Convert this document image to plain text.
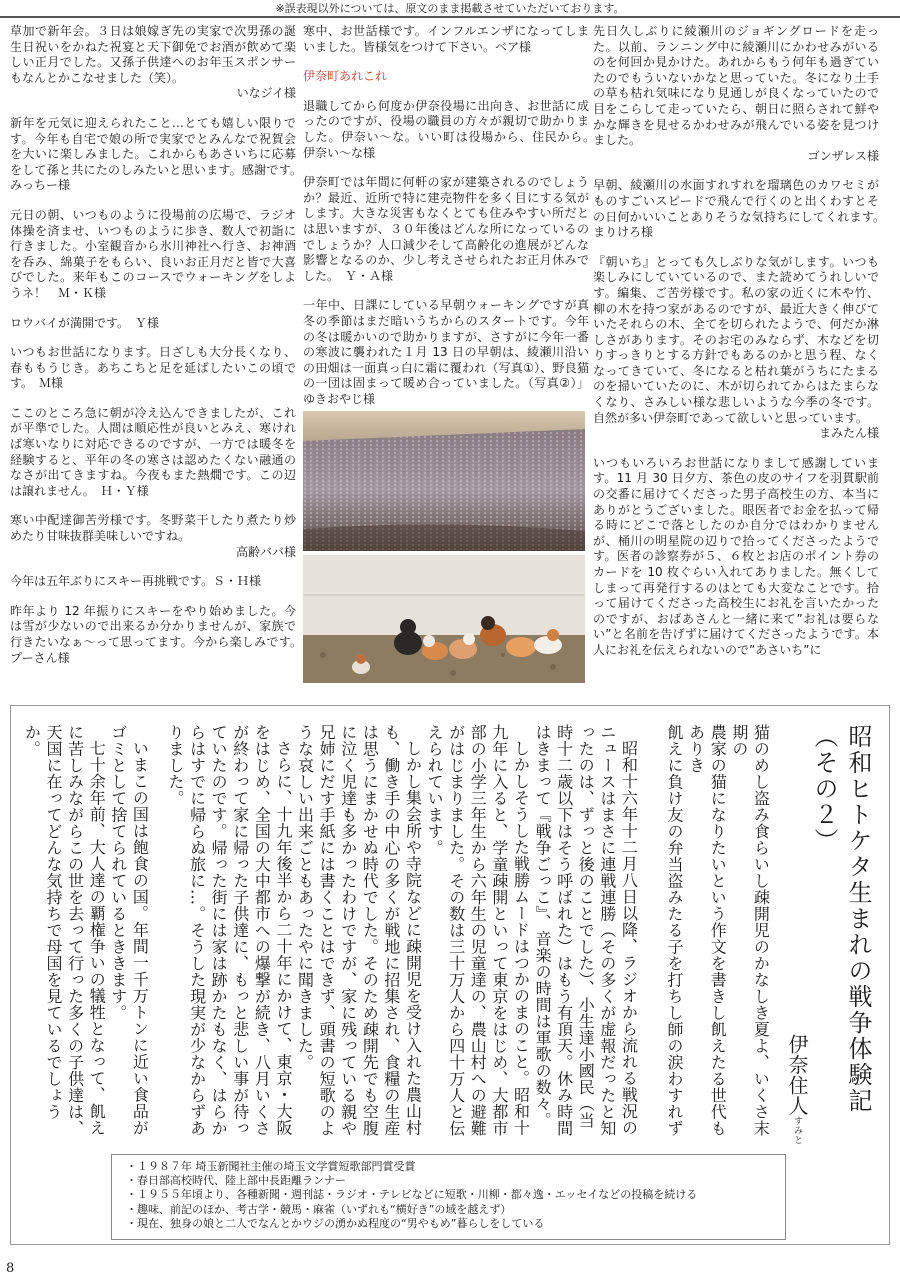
※誤表現以外については、原文のまま掲載させていただいております。
草加で新年会。３日は娘嫁ぎ先の実家で次男孫の誕生日祝いをかねた祝宴と天下御免でお酒が飲めて楽しい正月でした。又孫子供達へのお年玉スポンサーもなんとかこなせました（笑）。
いなジイ様
新年を元気に迎えられたこと…とても嬉しい限りです。今年も自宅で娘の所で実家でとみんなで祝賀会を大いに楽しみました。これからもあさいちに応募をして孫と共にたのしみたいと思います。感謝です。　みっちー様
元日の朝、いつものように役場前の広場で、ラジオ体操を済ませ、いつものように歩き、数人で初詣に行きました。小室観音から氷川神社へ行き、お神酒を呑み、綿菓子をもらい、良いお正月だと皆で大喜びでした。来年もこのコースでウォーキングをしようネ！　Ｍ・Ｋ様
ロウバイが満開です。　Ｙ様
いつもお世話になります。日ざしも大分長くなり、春ももうじき。あちこちと足を延ばしたいこの頃です。　Ｍ様
ここのところ急に朝が冷え込んできましたが、これが平準でした。人間は順応性が良いとみえ、寒ければ寒いなりに対応できるのですが、一方では暖冬を経験すると、平年の冬の寒さは認めたくない融通のなさが出てきますね。今夜もまた熱燗です。この辺は譲れません。　Ｈ・Ｙ様
寒い中配達御苦労様です。冬野菜干したり煮たり炒めたり甘味抜群美味しいですね。
高齢ババ様
今年は五年ぶりにスキー再挑戦です。Ｓ・Ｈ様
昨年より 12 年振りにスキーをやり始めました。今は雪が少ないので出来るか分かりませんが、家族で行きたいなぁ～って思ってます。今から楽しみです。　プーさん様
寒中、お世話様です。インフルエンザになってしまいました。皆様気をつけて下さい。ベア様
伊奈町あれこれ
退職してから何度か伊奈役場に出向き、お世話に成ったのですが、役場の職員の方々が親切で助かりました。伊奈い～な。いい町は役場から、住民から。　伊奈い～な様
伊奈町では年間に何軒の家が建築されるのでしょうか？最近、近所で特に建売物件を多く目にする気がします。大きな災害もなくとても住みやすい所だとは思いますが、３０年後はどんな所になっているのでしょうか？人口減少そして高齢化の進展がどんな影響となるのか、少し考えさせられたお正月休みでした。　Ｙ・Ａ様
一年中、日課にしている早朝ウォーキングですが真冬の季節はまだ暗いうちからのスタートです。今年の冬は暖かいので助かりますが、さすがに今年一番の寒波に襲われた１月 13 日の早朝は、綾瀬川沿いの田畑は一面真っ白に霜に覆われ（写真①）、野良猫の一団は固まって暖め合っていました。（写真②）」ゆきおやじ様
先日久しぶりに綾瀬川のジョギングロードを走った。以前、ランニング中に綾瀬川にかわせみがいるのを何回か見かけた。あれからもう何年も過ぎていたのでもういないかなと思っていた。冬になり土手の草も枯れ気味になり見通しが良くなっていたので目をこらして走っていたら、朝日に照らされて鮮やかな輝きを見せるかわせみが飛んでいる姿を見つけました。
ゴンザレス様
早朝、綾瀬川の水面すれすれを瑠璃色のカワセミがものすごいスピードで飛んで行くのと出くわすとその日何かいいことありそうな気持ちにしてくれます。　まりけろ様
『朝いち』とっても久しぶりな気がします。いつも楽しみにしていているので、また読めてうれしいです。編集、ご苦労様です。私の家の近くに木や竹、柳の木を持つ家があるのですが、最近大きく伸びていたそれらの木、全てを切られたようで、何だか淋しさがあります。そのお宅のみならず、木などを切りすっきりとする方針でもあるのかと思う程、なくなってきていて、冬になると枯れ葉がうちにたまるのを掃いていたのに、木が切られてからはたまらなくなり、さみしい様な悲しいような今季の冬です。自然が多い伊奈町であって欲しいと思っています。
まみたん様
いつもいろいろお世話になりまして感謝しています。11 月 30 日夕方、茶色の皮のサイフを羽貫駅前の交番に届けてくださった男子高校生の方、本当にありがとうございました。眼医者でお金を払って帰る時にどこで落としたのか自分ではわかりませんが、桶川の明星院の辺りで拾ってくださったようです。医者の診察券が５、６枚とお店のポイント券のカードを 10 枚ぐらい入れてありました。無くしてしまって再発行するのはとても大変なことです。拾って届けてくださった高校生にお礼を言いたかったのですが、おばあさんと一緒に来て”お礼は要らない”と名前を告げずに届けてくださったようです。本人にお礼を伝えられないので”あさいち”に
昭和ヒトケタ生まれの戦争体験記（その２）
伊奈住人すみと
猫のめし盗み食らいし疎開児のかなしき夏よ、いくさ末期の
農家の猫になりたいという作文を書きし飢えたる世代もありき
飢えに負け友の弁当盗みたる子を打ちし師の涙わすれず
昭和十六年十二月八日以降、ラジオから流れる戦況のニュースはまさに連戦連勝（その多くが虚報だったと知ったのは、ずっと後のことでした）、小生達小國民（当時十二歳以下はそう呼ばれた）はもう有頂天。休み時間はきまって『戦争ごっこ』、音楽の時間は軍歌の数々。
しかしそうした戦勝ムードはつかのまのこと。昭和十九年に入ると、学童疎開といって東京をはじめ、大都市部の小学三年生から六年生の児童達の、農山村への避難がはじまりました。その数は三十万人から四十万人と伝えられています。
しかし集会所や寺院などに疎開児を受け入れた農山村も、働き手の中心の多くが戦地に招集され、食糧の生産は思うにまかせぬ時代でした。そのため疎開先でも空腹に泣く児達も多かったわけですが、家に残っている親や兄姉にだす手紙には書くことはできず、頭書の短歌のような哀しい出来ごともあったやに聞きました。
さらに、十九年後半から二十年にかけて、東京・大阪をはじめ、全国の大中都市への爆撃が続き、八月いくさが終わって家に帰った子供達に、もっと悲しい事が待っていたのです。帰った街には家は跡かたもなく、はらからはすでに帰らぬ旅に…。そうした現実が少なからずありました。
いまこの国は飽食の国。年間一千万トンに近い食品がゴミとして捨てられているとききます。
七十余年前、大人達の覇権争いの犠牲となって、飢えに苦しみながらこの世を去って行った多くの子供達は、天国に在ってどんな気持ちで母国を見ているでしょうか。
・１９８７年 埼玉新聞社主催の埼玉文学賞短歌部門賞受賞
・春日部高校時代、陸上部中長距離ランナー
・１９５５年頃より、各種新聞・週刊誌・ラジオ・テレビなどに短歌・川柳・都々逸・エッセイなどの投稿を続ける
・趣味、前記のほか、考古学・競馬・麻雀（いずれも“横好き”の域を越えず）
・現在、独身の娘と二人でなんとかウジの湧かぬ程度の“男やもめ”暮らしをしている
8
